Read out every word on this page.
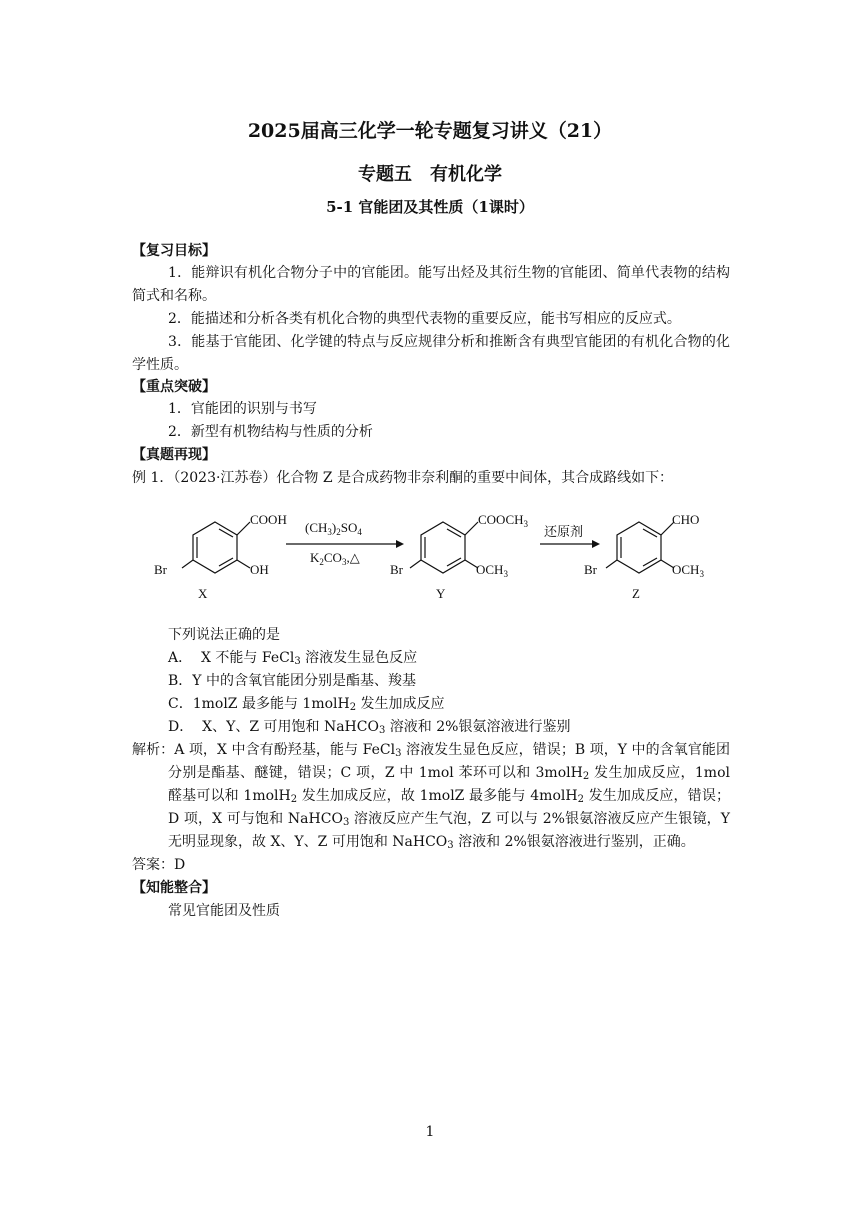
2025届高三化学一轮专题复习讲义（21）
专题五　有机化学
5-1 官能团及其性质（1课时）
【复习目标】
1．能辩识有机化合物分子中的官能团。能写出烃及其衍生物的官能团、简单代表物的结构简式和名称。
2．能描述和分析各类有机化合物的典型代表物的重要反应，能书写相应的反应式。
3．能基于官能团、化学键的特点与反应规律分析和推断含有典型官能团的有机化合物的化学性质。
【重点突破】
1．官能团的识别与书写
2．新型有机物结构与性质的分析
【真题再现】
例 1．（2023·江苏卷）化合物 Z 是合成药物非奈利酮的重要中间体，其合成路线如下：
COOH
OH
Br
X
$(CH_3)_2SO_4$
$K_2CO_3,\triangle$
$COOCH_3$
$OCH_3$
Br
Y
还原剂
CHO
$OCH_3$
Br
Z
下列说法正确的是
A．  X 不能与 FeCl$_3$ 溶液发生显色反应
B．Y 中的含氧官能团分别是酯基、羧基
C．1molZ 最多能与 1molH$_2$ 发生加成反应
D．  X、Y、Z 可用饱和 NaHCO$_3$ 溶液和 2%银氨溶液进行鉴别
解析：A 项，X 中含有酚羟基，能与 FeCl$_3$ 溶液发生显色反应，错误；B 项，Y 中的含氧官能团分别是酯基、醚键，错误；C 项，Z 中 1mol 苯环可以和 3molH$_2$ 发生加成反应，1mol 醛基可以和 1molH$_2$ 发生加成反应，故 1molZ 最多能与 4molH$_2$ 发生加成反应，错误；D 项，X 可与饱和 NaHCO$_3$ 溶液反应产生气泡，Z 可以与 2%银氨溶液反应产生银镜，Y 无明显现象，故 X、Y、Z 可用饱和 NaHCO$_3$ 溶液和 2%银氨溶液进行鉴别，正确。
答案：D
【知能整合】
常见官能团及性质
1
